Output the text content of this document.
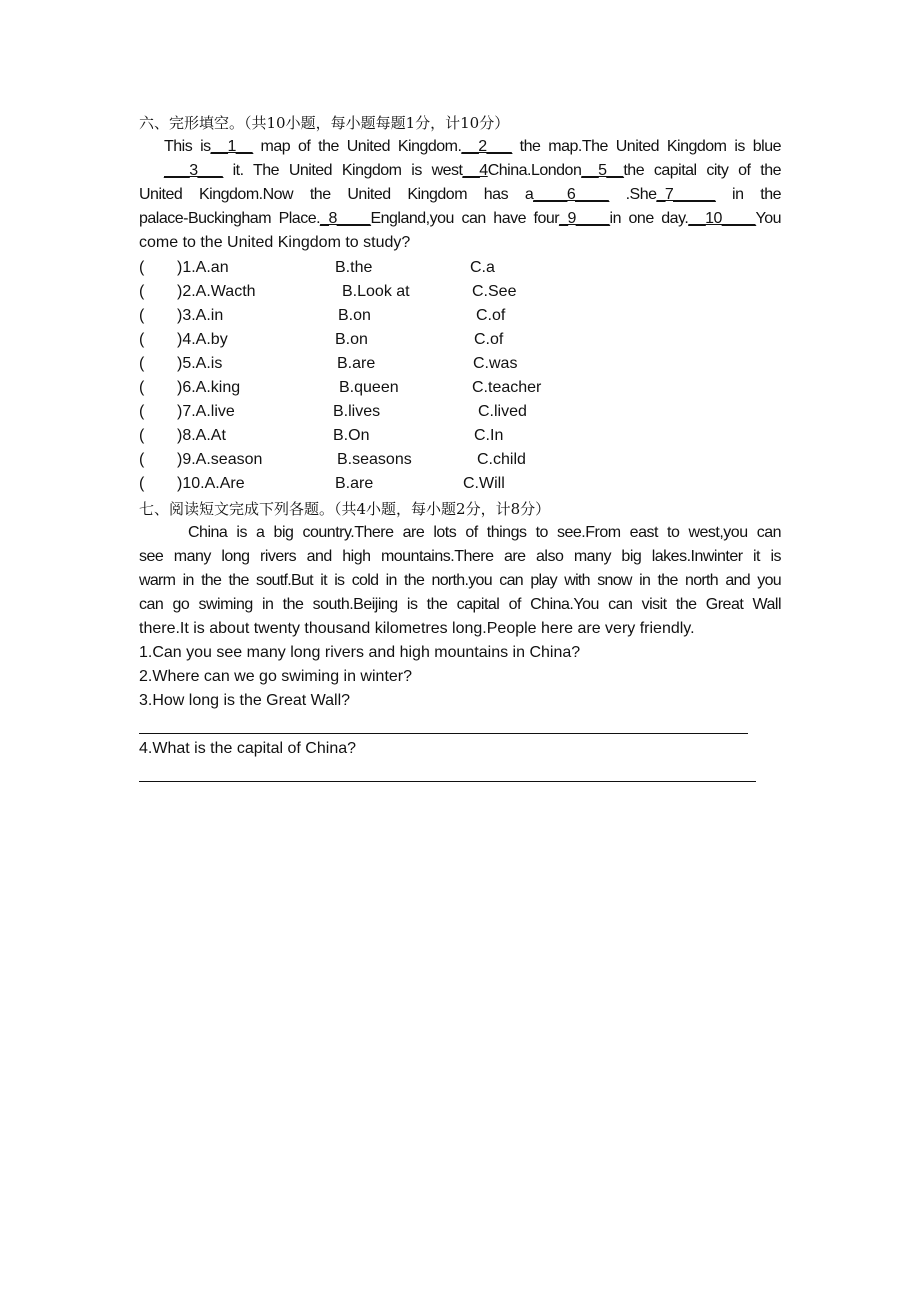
六、完形填空。（共10小题，每小题每题1分，计10分）
This is__1__ map of the United Kingdom.__2___ the map.The United Kingdom is blue
___3___ it. The United Kingdom is west__4China.London__5__the capital city of the
United Kingdom.Now the United Kingdom has a____6____ .She_7_____ in the
palace-Buckingham Place._8____England,you can have four_9____in one day.__10____You
come to the United Kingdom to study?
( )1.A.an	B.the	C.a
( )2.A.Wacth	B.Look at	C.See
( )3.A.in	B.on	C.of
( )4.A.by	B.on	C.of
( )5.A.is	B.are	C.was
( )6.A.king	B.queen	C.teacher
( )7.A.live	B.lives	C.lived
( )8.A.At	B.On	C.In
( )9.A.season	B.seasons	C.child
( )10.A.Are	B.are	C.Will
七、阅读短文完成下列各题。（共4小题，每小题2分，计8分）
China is a big country.There are lots of things to see.From east to west,you can
see many long rivers and high mountains.There are also many big lakes.Inwinter it is
warm in the the soutf.But it is cold in the north.you can play with snow in the north and you
can go swiming in the south.Beijing is the capital of China.You can visit the Great Wall
there.It is about twenty thousand kilometres long.People here are very friendly.
1.Can you see many long rivers and high mountains in China?
2.Where can we go swiming in winter?
3.How long is the Great Wall?
4.What is the capital of China?
